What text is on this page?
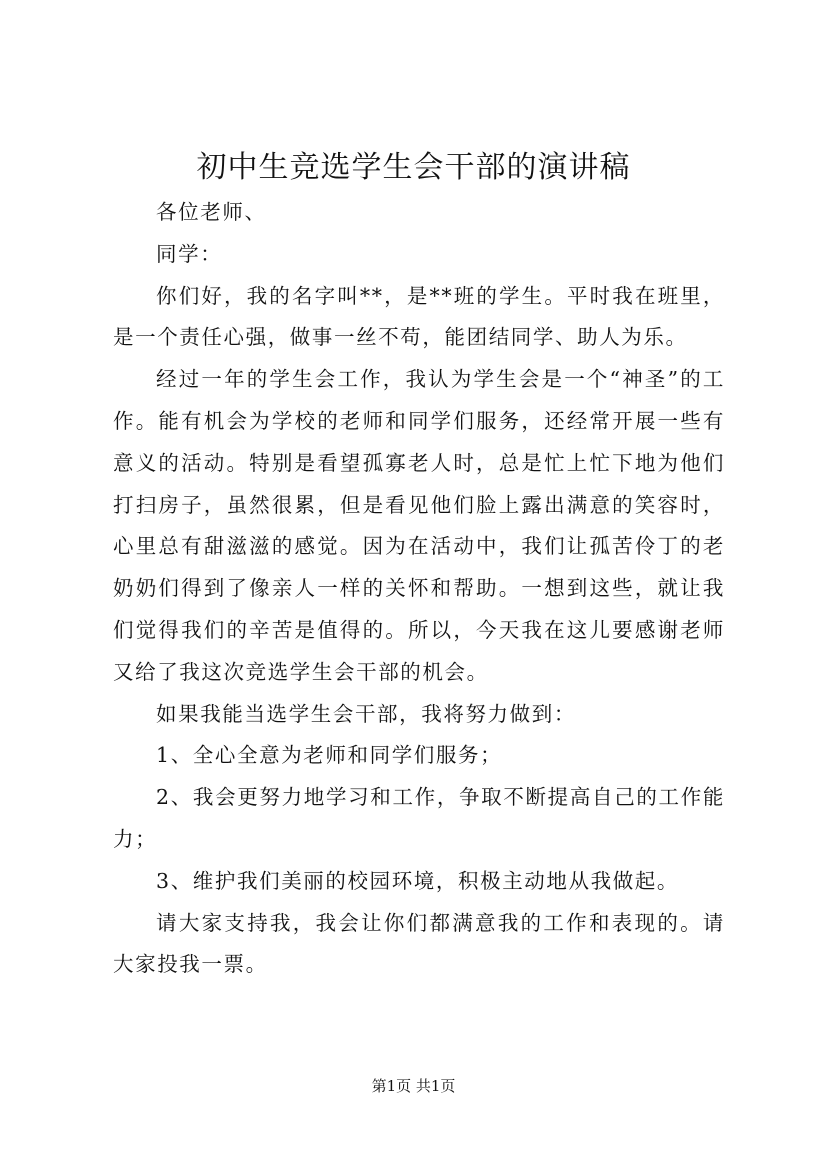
初中生竞选学生会干部的演讲稿

各位老师、

同学：

你们好，我的名字叫**，是**班的学生。平时我在班里，是一个责任心强，做事一丝不苟，能团结同学、助人为乐。

经过一年的学生会工作，我认为学生会是一个“神圣”的工作。能有机会为学校的老师和同学们服务，还经常开展一些有意义的活动。特别是看望孤寡老人时，总是忙上忙下地为他们打扫房子，虽然很累，但是看见他们脸上露出满意的笑容时，心里总有甜滋滋的感觉。因为在活动中，我们让孤苦伶丁的老奶奶们得到了像亲人一样的关怀和帮助。一想到这些，就让我们觉得我们的辛苦是值得的。所以，今天我在这儿要感谢老师又给了我这次竞选学生会干部的机会。

如果我能当选学生会干部，我将努力做到：

1、全心全意为老师和同学们服务；

2、我会更努力地学习和工作，争取不断提高自己的工作能力；

3、维护我们美丽的校园环境，积极主动地从我做起。

请大家支持我，我会让你们都满意我的工作和表现的。请大家投我一票。

第1页 共1页
